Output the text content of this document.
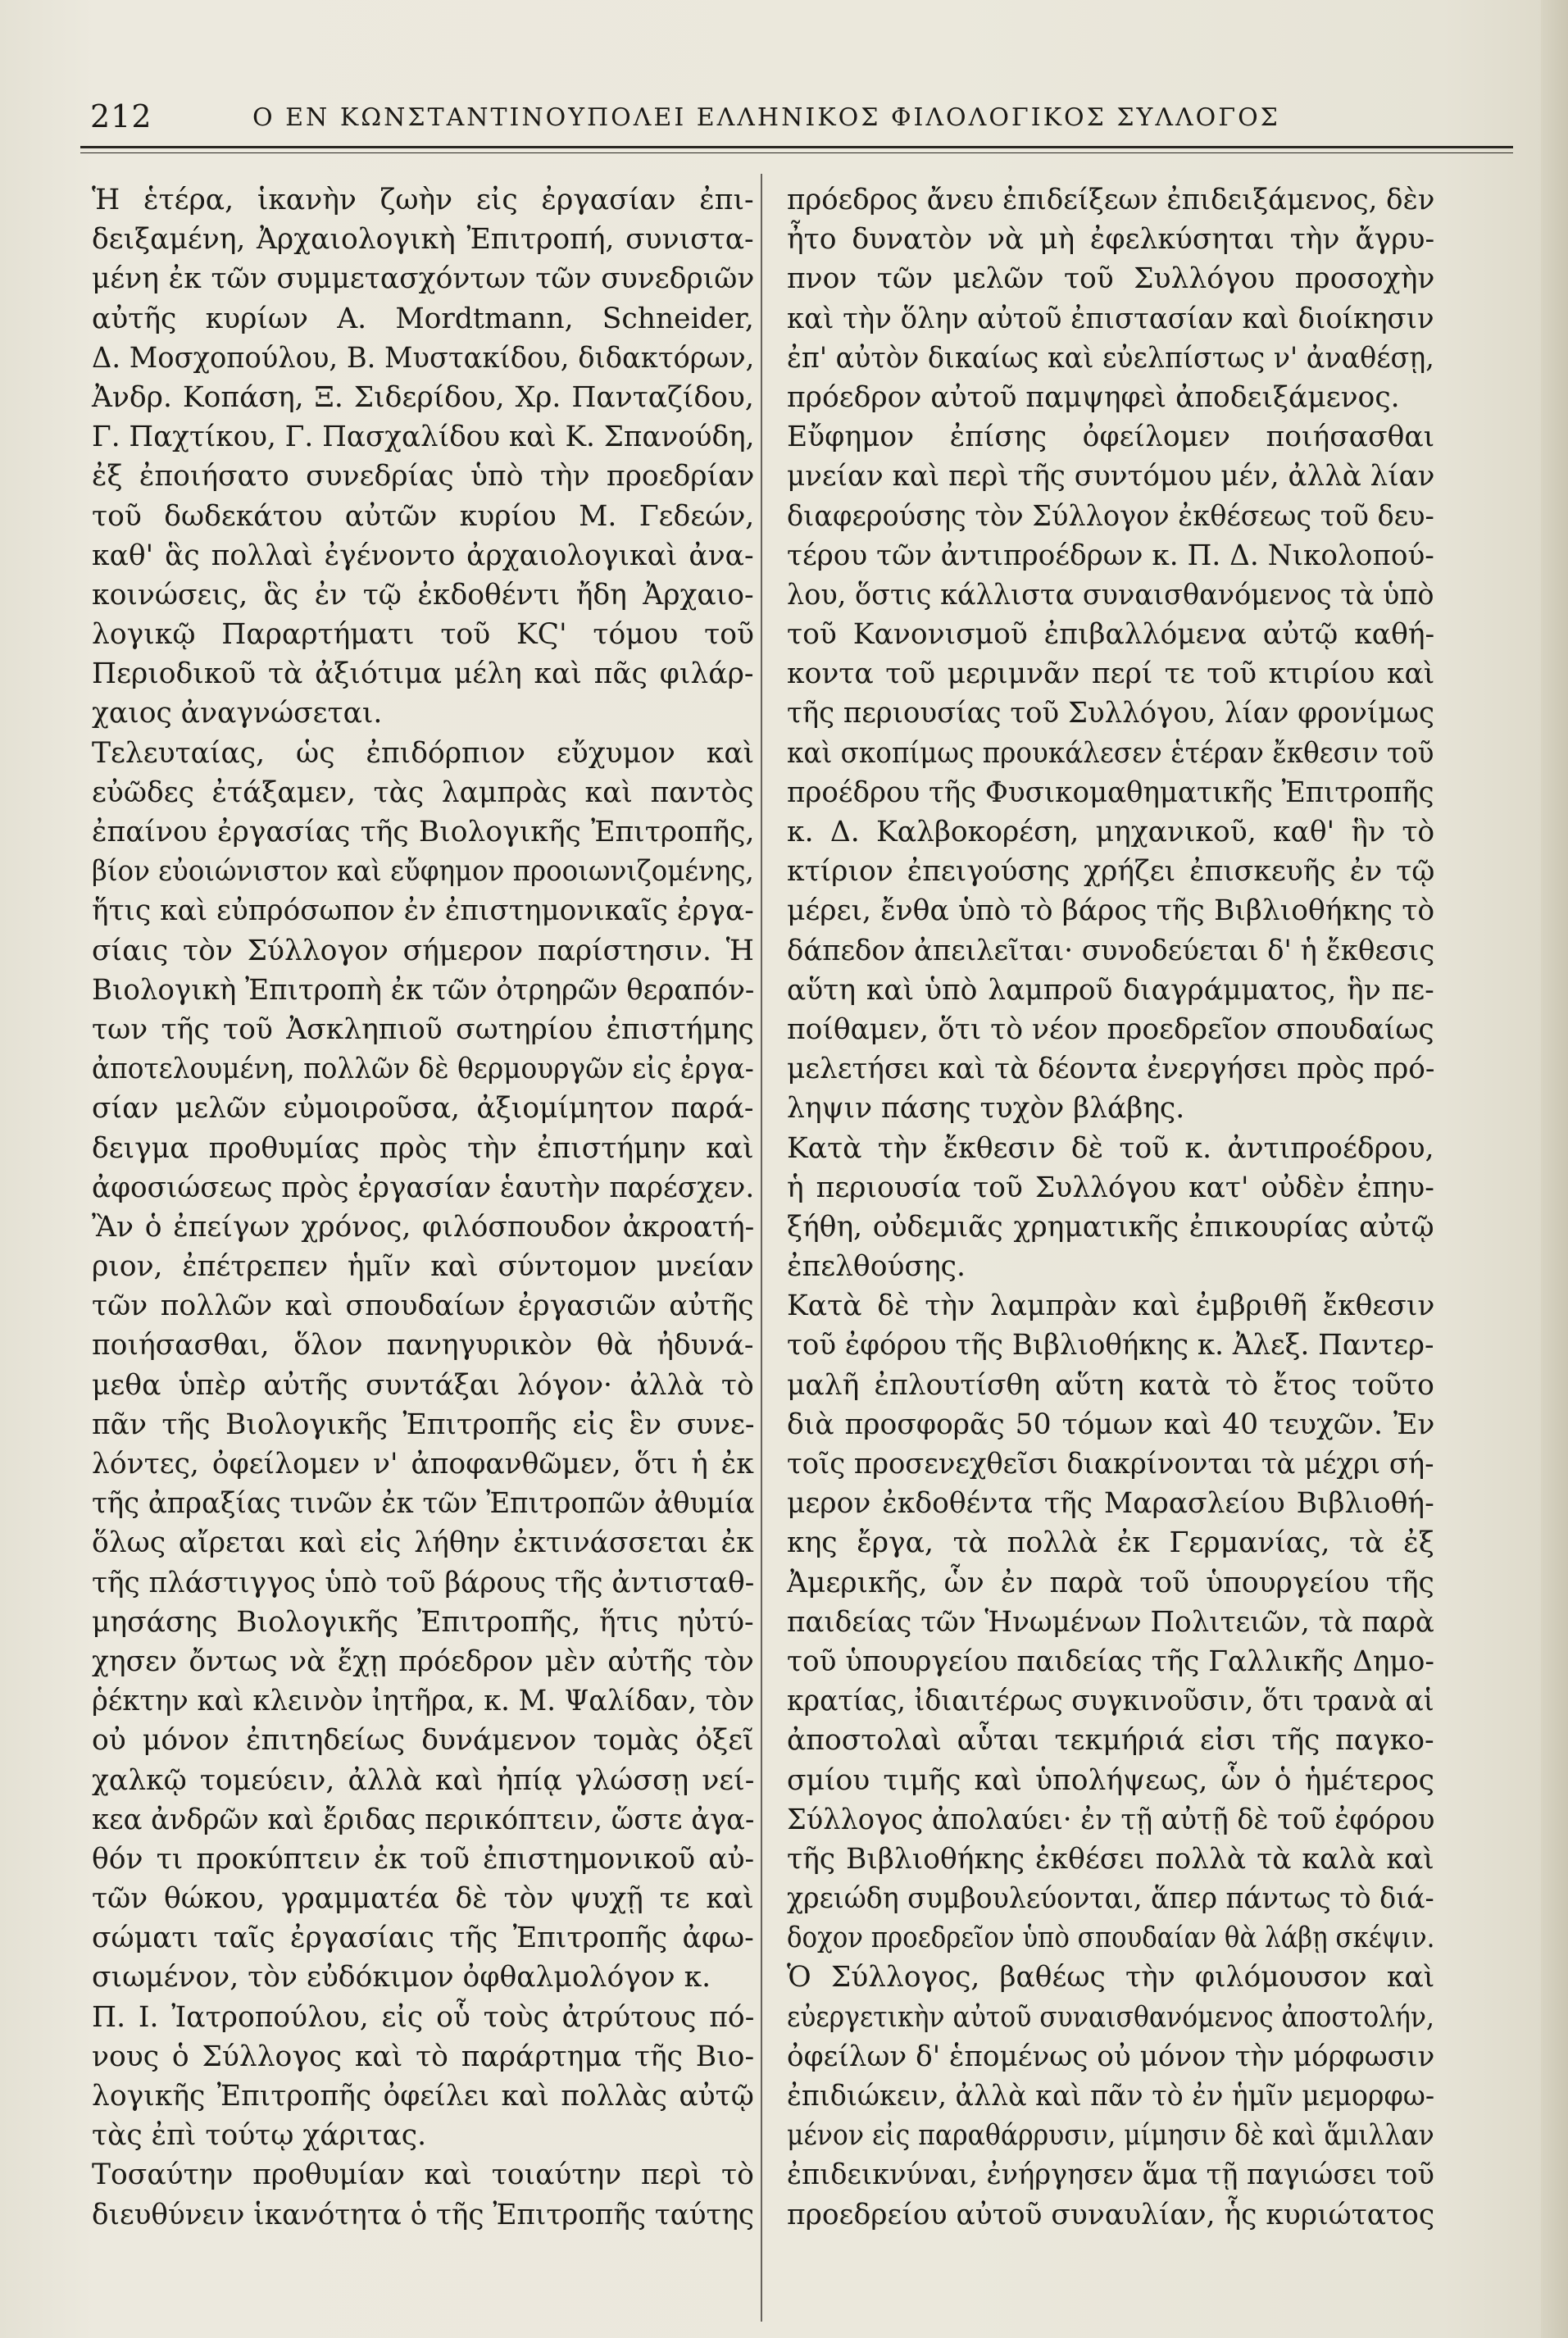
212	Ο ΕΝ ΚΩΝΣΤΑΝΤΙΝΟΥΠΟΛΕΙ ΕΛΛΗΝΙΚΟΣ ΦΙΛΟΛΟΓΙΚΟΣ ΣΥΛΛΟΓΟΣ
Ἡ ἑτέρα, ἱκανὴν ζωὴν εἰς ἐργασίαν ἐπι-
δειξαμένη, Ἀρχαιολογικὴ Ἐπιτροπή, συνιστα-
μένη ἐκ τῶν συμμετασχόντων τῶν συνεδριῶν
αὐτῆς κυρίων Α. Mordtmann, Schneider,
Δ. Μοσχοπούλου, Β. Μυστακίδου, διδακτόρων,
Ἀνδρ. Κοπάση, Ξ. Σιδερίδου, Χρ. Πανταζίδου,
Γ. Παχτίκου, Γ. Πασχαλίδου καὶ Κ. Σπανούδη,
ἐξ ἐποιήσατο συνεδρίας ὑπὸ τὴν προεδρίαν
τοῦ δωδεκάτου αὐτῶν κυρίου Μ. Γεδεών,
καθ' ἃς πολλαὶ ἐγένοντο ἀρχαιολογικαὶ ἀνα-
κοινώσεις, ἃς ἐν τῷ ἐκδοθέντι ἤδη Ἀρχαιο-
λογικῷ Παραρτήματι τοῦ ΚϚ' τόμου τοῦ
Περιοδικοῦ τὰ ἀξιότιμα μέλη καὶ πᾶς φιλάρ-
χαιος ἀναγνώσεται.
Τελευταίας, ὡς ἐπιδόρπιον εὔχυμον καὶ
εὐῶδες ἐτάξαμεν, τὰς λαμπρὰς καὶ παντὸς
ἐπαίνου ἐργασίας τῆς Βιολογικῆς Ἐπιτροπῆς,
βίον εὐοιώνιστον καὶ εὔφημον προοιωνιζομένης,
ἥτις καὶ εὐπρόσωπον ἐν ἐπιστημονικαῖς ἐργα-
σίαις τὸν Σύλλογον σήμερον παρίστησιν. Ἡ
Βιολογικὴ Ἐπιτροπὴ ἐκ τῶν ὀτρηρῶν θεραπόν-
των τῆς τοῦ Ἀσκληπιοῦ σωτηρίου ἐπιστήμης
ἀποτελουμένη, πολλῶν δὲ θερμουργῶν εἰς ἐργα-
σίαν μελῶν εὐμοιροῦσα, ἀξιομίμητον παρά-
δειγμα προθυμίας πρὸς τὴν ἐπιστήμην καὶ
ἀφοσιώσεως πρὸς ἐργασίαν ἑαυτὴν παρέσχεν.
Ἂν ὁ ἐπείγων χρόνος, φιλόσπουδον ἀκροατή-
ριον, ἐπέτρεπεν ἡμῖν καὶ σύντομον μνείαν
τῶν πολλῶν καὶ σπουδαίων ἐργασιῶν αὐτῆς
ποιήσασθαι, ὅλον πανηγυρικὸν θὰ ἠδυνά-
μεθα ὑπὲρ αὐτῆς συντάξαι λόγον· ἀλλὰ τὸ
πᾶν τῆς Βιολογικῆς Ἐπιτροπῆς εἰς ἓν συνε-
λόντες, ὀφείλομεν ν' ἀποφανθῶμεν, ὅτι ἡ ἐκ
τῆς ἀπραξίας τινῶν ἐκ τῶν Ἐπιτροπῶν ἀθυμία
ὅλως αἴρεται καὶ εἰς λήθην ἐκτινάσσεται ἐκ
τῆς πλάστιγγος ὑπὸ τοῦ βάρους τῆς ἀντισταθ-
μησάσης Βιολογικῆς Ἐπιτροπῆς, ἥτις ηὐτύ-
χησεν ὄντως νὰ ἔχῃ πρόεδρον μὲν αὐτῆς τὸν
ῥέκτην καὶ κλεινὸν ἰητῆρα, κ. Μ. Ψαλίδαν, τὸν
οὐ μόνον ἐπιτηδείως δυνάμενον τομὰς ὀξεῖ
χαλκῷ τομεύειν, ἀλλὰ καὶ ἠπίᾳ γλώσσῃ νεί-
κεα ἀνδρῶν καὶ ἔριδας περικόπτειν, ὥστε ἀγα-
θόν τι προκύπτειν ἐκ τοῦ ἐπιστημονικοῦ αὐ-
τῶν θώκου, γραμματέα δὲ τὸν ψυχῇ τε καὶ
σώματι ταῖς ἐργασίαις τῆς Ἐπιτροπῆς ἀφω-
σιωμένον, τὸν εὐδόκιμον ὀφθαλμολόγον κ.
Π. Ι. Ἰατροπούλου, εἰς οὗ τοὺς ἀτρύτους πό-
νους ὁ Σύλλογος καὶ τὸ παράρτημα τῆς Βιο-
λογικῆς Ἐπιτροπῆς ὀφείλει καὶ πολλὰς αὐτῷ
τὰς ἐπὶ τούτῳ χάριτας.
Τοσαύτην προθυμίαν καὶ τοιαύτην περὶ τὸ
διευθύνειν ἱκανότητα ὁ τῆς Ἐπιτροπῆς ταύτης
πρόεδρος ἄνευ ἐπιδείξεων ἐπιδειξάμενος, δὲν
ἦτο δυνατὸν νὰ μὴ ἐφελκύσηται τὴν ἄγρυ-
πνον τῶν μελῶν τοῦ Συλλόγου προσοχὴν
καὶ τὴν ὅλην αὐτοῦ ἐπιστασίαν καὶ διοίκησιν
ἐπ' αὐτὸν δικαίως καὶ εὐελπίστως ν' ἀναθέσῃ,
πρόεδρον αὐτοῦ παμψηφεὶ ἀποδειξάμενος.
Εὔφημον ἐπίσης ὀφείλομεν ποιήσασθαι
μνείαν καὶ περὶ τῆς συντόμου μέν, ἀλλὰ λίαν
διαφερούσης τὸν Σύλλογον ἐκθέσεως τοῦ δευ-
τέρου τῶν ἀντιπροέδρων κ. Π. Δ. Νικολοπού-
λου, ὅστις κάλλιστα συναισθανόμενος τὰ ὑπὸ
τοῦ Κανονισμοῦ ἐπιβαλλόμενα αὐτῷ καθή-
κοντα τοῦ μεριμνᾶν περί τε τοῦ κτιρίου καὶ
τῆς περιουσίας τοῦ Συλλόγου, λίαν φρονίμως
καὶ σκοπίμως προυκάλεσεν ἑτέραν ἔκθεσιν τοῦ
προέδρου τῆς Φυσικομαθηματικῆς Ἐπιτροπῆς
κ. Δ. Καλβοκορέση, μηχανικοῦ, καθ' ἣν τὸ
κτίριον ἐπειγούσης χρήζει ἐπισκευῆς ἐν τῷ
μέρει, ἔνθα ὑπὸ τὸ βάρος τῆς Βιβλιοθήκης τὸ
δάπεδον ἀπειλεῖται· συνοδεύεται δ' ἡ ἔκθεσις
αὕτη καὶ ὑπὸ λαμπροῦ διαγράμματος, ἣν πε-
ποίθαμεν, ὅτι τὸ νέον προεδρεῖον σπουδαίως
μελετήσει καὶ τὰ δέοντα ἐνεργήσει πρὸς πρό-
ληψιν πάσης τυχὸν βλάβης.
Κατὰ τὴν ἔκθεσιν δὲ τοῦ κ. ἀντιπροέδρου,
ἡ περιουσία τοῦ Συλλόγου κατ' οὐδὲν ἐπηυ-
ξήθη, οὐδεμιᾶς χρηματικῆς ἐπικουρίας αὐτῷ
ἐπελθούσης.
Κατὰ δὲ τὴν λαμπρὰν καὶ ἐμβριθῆ ἔκθεσιν
τοῦ ἐφόρου τῆς Βιβλιοθήκης κ. Ἀλεξ. Παντερ-
μαλῆ ἐπλουτίσθη αὕτη κατὰ τὸ ἔτος τοῦτο
διὰ προσφορᾶς 50 τόμων καὶ 40 τευχῶν. Ἐν
τοῖς προσενεχθεῖσι διακρίνονται τὰ μέχρι σή-
μερον ἐκδοθέντα τῆς Μαρασλείου Βιβλιοθή-
κης ἔργα, τὰ πολλὰ ἐκ Γερμανίας, τὰ ἐξ
Ἀμερικῆς, ὧν ἐν παρὰ τοῦ ὑπουργείου τῆς
παιδείας τῶν Ἡνωμένων Πολιτειῶν, τὰ παρὰ
τοῦ ὑπουργείου παιδείας τῆς Γαλλικῆς Δημο-
κρατίας, ἰδιαιτέρως συγκινοῦσιν, ὅτι τρανὰ αἱ
ἀποστολαὶ αὗται τεκμήριά εἰσι τῆς παγκο-
σμίου τιμῆς καὶ ὑπολήψεως, ὧν ὁ ἡμέτερος
Σύλλογος ἀπολαύει· ἐν τῇ αὐτῇ δὲ τοῦ ἐφόρου
τῆς Βιβλιοθήκης ἐκθέσει πολλὰ τὰ καλὰ καὶ
χρειώδη συμβουλεύονται, ἅπερ πάντως τὸ διά-
δοχον προεδρεῖον ὑπὸ σπουδαίαν θὰ λάβῃ σκέψιν.
Ὁ Σύλλογος, βαθέως τὴν φιλόμουσον καὶ
εὐεργετικὴν αὐτοῦ συναισθανόμενος ἀποστολήν,
ὀφείλων δ' ἑπομένως οὐ μόνον τὴν μόρφωσιν
ἐπιδιώκειν, ἀλλὰ καὶ πᾶν τὸ ἐν ἡμῖν μεμορφω-
μένον εἰς παραθάρρυσιν, μίμησιν δὲ καὶ ἅμιλλαν
ἐπιδεικνύναι, ἐνήργησεν ἅμα τῇ παγιώσει τοῦ
προεδρείου αὐτοῦ συναυλίαν, ἧς κυριώτατος
